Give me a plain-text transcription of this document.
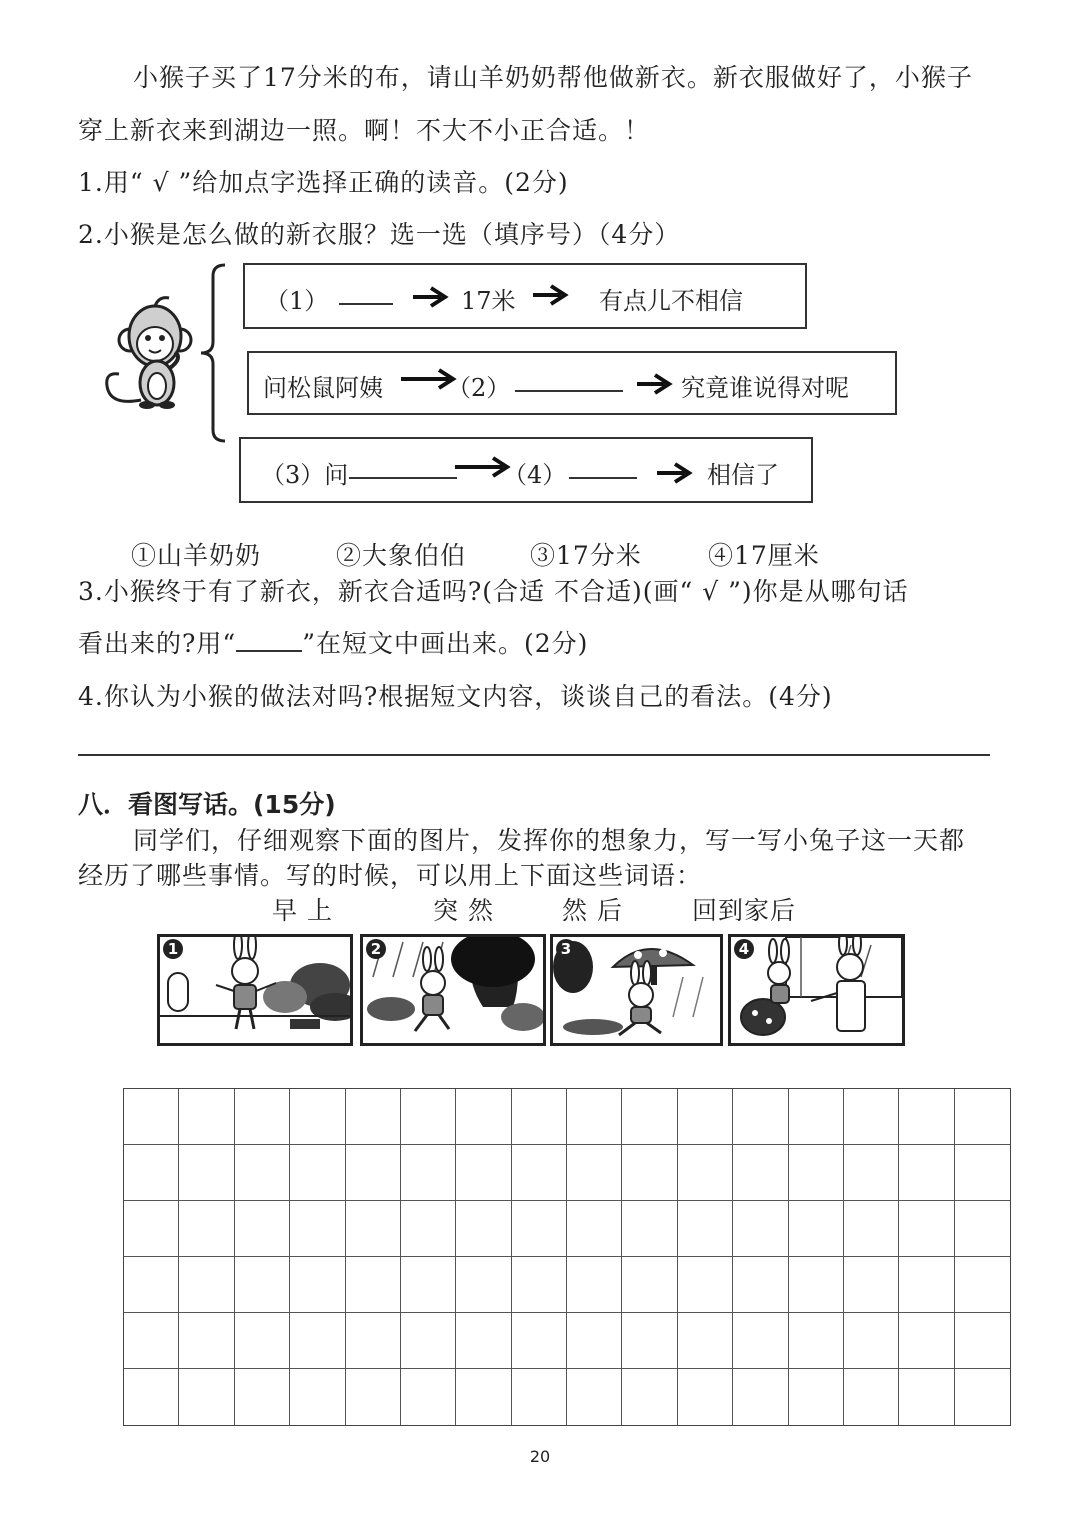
小猴子买了17分米的布，请山羊奶奶帮他做新衣。新衣服做好了，小猴子
穿上新衣来到湖边一照。啊！不大不小正合适。！
1.用“ √ ”给加点字选择正确的读音。(2分)
2.小猴是怎么做的新衣服？选一选（填序号）（4分）
（1）	17米	有点儿不相信
问松鼠阿姨	（2）	究竟谁说得对呢
（3）问	（4）	相信了
①山羊奶奶	②大象伯伯	③17分米	④17厘米
3.小猴终于有了新衣，新衣合适吗?(合适 不合适)(画“ √ ”)你是从哪句话
看出来的?用“	”在短文中画出来。(2分)
4.你认为小猴的做法对吗?根据短文内容，谈谈自己的看法。(4分)
八．看图写话。(15分)
同学们，仔细观察下面的图片，发挥你的想象力，写一写小兔子这一天都
经历了哪些事情。写的时候，可以用上下面这些词语：
早 上	突 然	然 后	回到家后
1	2	3	4
20
